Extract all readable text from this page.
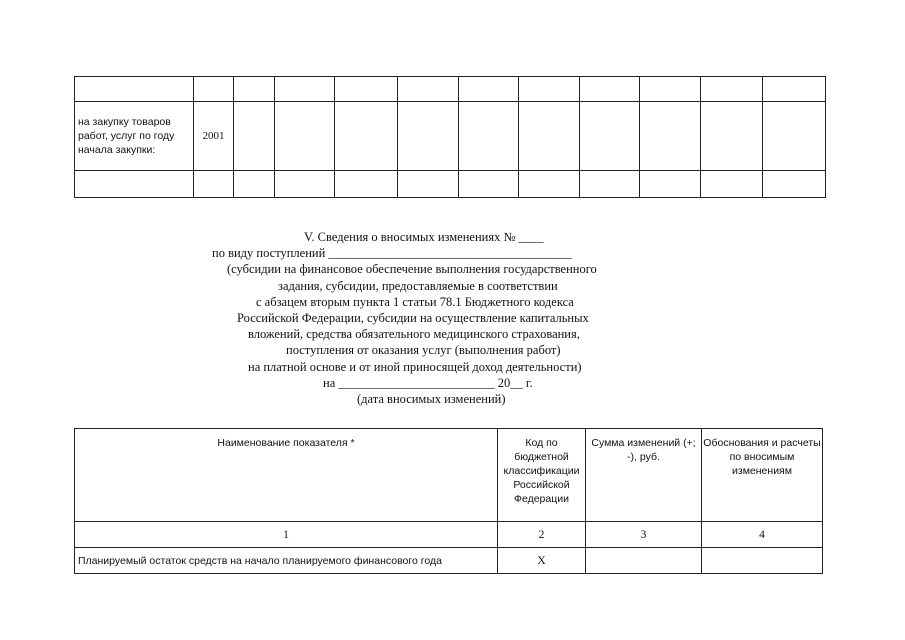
на закупку товаров работ, услуг по году начала закупки:	2001										

V. Сведения о вносимых изменениях № ____
по виду поступлений _______________________________________
(субсидии на финансовое обеспечение выполнения государственного
задания, субсидии, предоставляемые в соответствии
с абзацем вторым пункта 1 статьи 78.1 Бюджетного кодекса
Российской Федерации, субсидии на осуществление капитальных
вложений, средства обязательного медицинского страхования,
поступления от оказания услуг (выполнения работ)
на платной основе и от иной приносящей доход деятельности)
на _________________________ 20__ г.
(дата вносимых изменений)
Наименование показателя *	Код по бюджетной классификации Российской Федерации	Сумма изменений (+; -), руб.	Обоснования и расчеты по вносимым изменениям
1	2	3	4
Планируемый остаток средств на начало планируемого финансового года	X		
